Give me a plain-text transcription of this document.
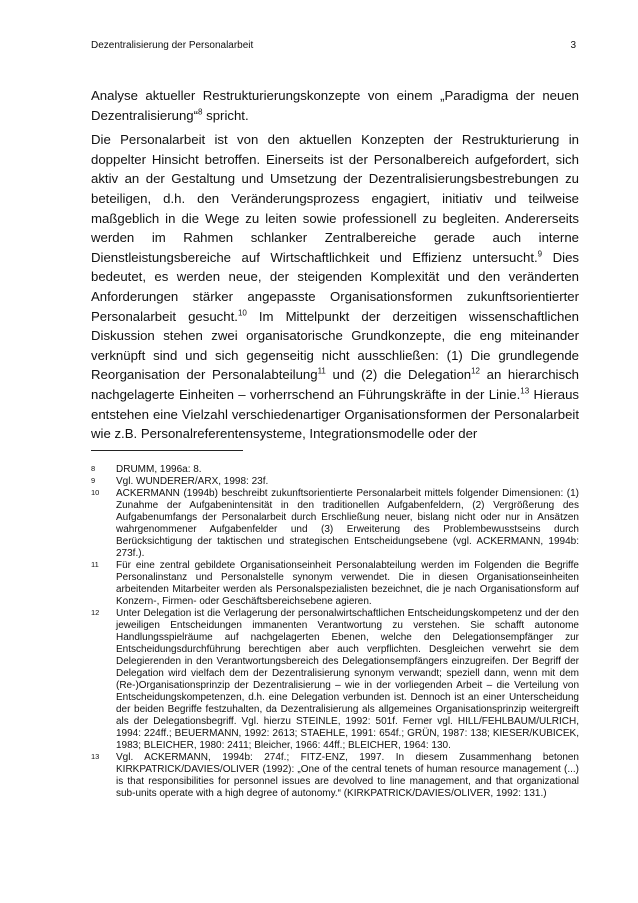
Dezentralisierung der Personalarbeit	3

Analyse aktueller Restrukturierungskonzepte von einem „Paradigma der neuen Dezentralisierung“$^8$ spricht.

Die Personalarbeit ist von den aktuellen Konzepten der Restrukturierung in doppelter Hinsicht betroffen. Einerseits ist der Personalbereich aufgefordert, sich aktiv an der Gestaltung und Umsetzung der Dezentralisierungsbestrebungen zu beteiligen, d.h. den Veränderungsprozess engagiert, initiativ und teilweise maßgeblich in die Wege zu leiten sowie professionell zu begleiten. Andererseits werden im Rahmen schlanker Zentralbereiche gerade auch interne Dienstleistungsbereiche auf Wirtschaftlichkeit und Effizienz untersucht.$^9$ Dies bedeutet, es werden neue, der steigenden Komplexität und den veränderten Anforderungen stärker angepasste Organisationsformen zukunftsorientierter Personalarbeit gesucht.$^{10}$ Im Mittelpunkt der derzeitigen wissenschaftlichen Diskussion stehen zwei organisatorische Grundkonzepte, die eng miteinander verknüpft sind und sich gegenseitig nicht ausschließen: (1) Die grundlegende Reorganisation der Personalabteilung$^{11}$ und (2) die Delegation$^{12}$ an hierarchisch nachgelagerte Einheiten – vorherrschend an Führungskräfte in der Linie.$^{13}$ Hieraus entstehen eine Vielzahl verschiedenartiger Organisationsformen der Personalarbeit wie z.B. Personalreferentensysteme, Integrationsmodelle oder der

8	DRUMM, 1996a: 8.
9	Vgl. WUNDERER/ARX, 1998: 23f.
10	ACKERMANN (1994b) beschreibt zukunftsorientierte Personalarbeit mittels folgender Dimensionen: (1) Zunahme der Aufgabenintensität in den traditionellen Aufgabenfeldern, (2) Vergrößerung des Aufgabenumfangs der Personalarbeit durch Erschließung neuer, bislang nicht oder nur in Ansätzen wahrgenommener Aufgabenfelder und (3) Erweiterung des Problembewusstseins durch Berücksichtigung der taktischen und strategischen Entscheidungsebene (vgl. ACKERMANN, 1994b: 273f.).
11	Für eine zentral gebildete Organisationseinheit Personalabteilung werden im Folgenden die Begriffe Personalinstanz und Personalstelle synonym verwendet. Die in diesen Organisationseinheiten arbeitenden Mitarbeiter werden als Personalspezialisten bezeichnet, die je nach Organisationsform auf Konzern-, Firmen- oder Geschäftsbereichsebene agieren.
12	Unter Delegation ist die Verlagerung der personalwirtschaftlichen Entscheidungskompetenz und der den jeweiligen Entscheidungen immanenten Verantwortung zu verstehen. Sie schafft autonome Handlungsspielräume auf nachgelagerten Ebenen, welche den Delegationsempfänger zur Entscheidungsdurchführung berechtigen aber auch verpflichten. Desgleichen verwehrt sie dem Delegierenden in den Verantwortungsbereich des Delegationsempfängers einzugreifen. Der Begriff der Delegation wird vielfach dem der Dezentralisierung synonym verwandt; speziell dann, wenn mit dem (Re-)Organisationsprinzip der Dezentralisierung – wie in der vorliegenden Arbeit – die Verteilung von Entscheidungskompetenzen, d.h. eine Delegation verbunden ist. Dennoch ist an einer Unterscheidung der beiden Begriffe festzuhalten, da Dezentralisierung als allgemeines Organisationsprinzip weitergreift als der Delegationsbegriff. Vgl. hierzu STEINLE, 1992: 501f. Ferner vgl. HILL/FEHLBAUM/ULRICH, 1994: 224ff.; BEUERMANN, 1992: 2613; STAEHLE, 1991: 654f.; GRÜN, 1987: 138; KIESER/KUBICEK, 1983; BLEICHER, 1980: 2411; Bleicher, 1966: 44ff.; BLEICHER, 1964: 130.
13	Vgl. ACKERMANN, 1994b: 274f.; FITZ-ENZ, 1997. In diesem Zusammenhang betonen KIRKPATRICK/DAVIES/OLIVER (1992): „One of the central tenets of human resource management (...) is that responsibilities for personnel issues are devolved to line management, and that organizational sub-units operate with a high degree of autonomy.“ (KIRKPATRICK/DAVIES/OLIVER, 1992: 131.)
